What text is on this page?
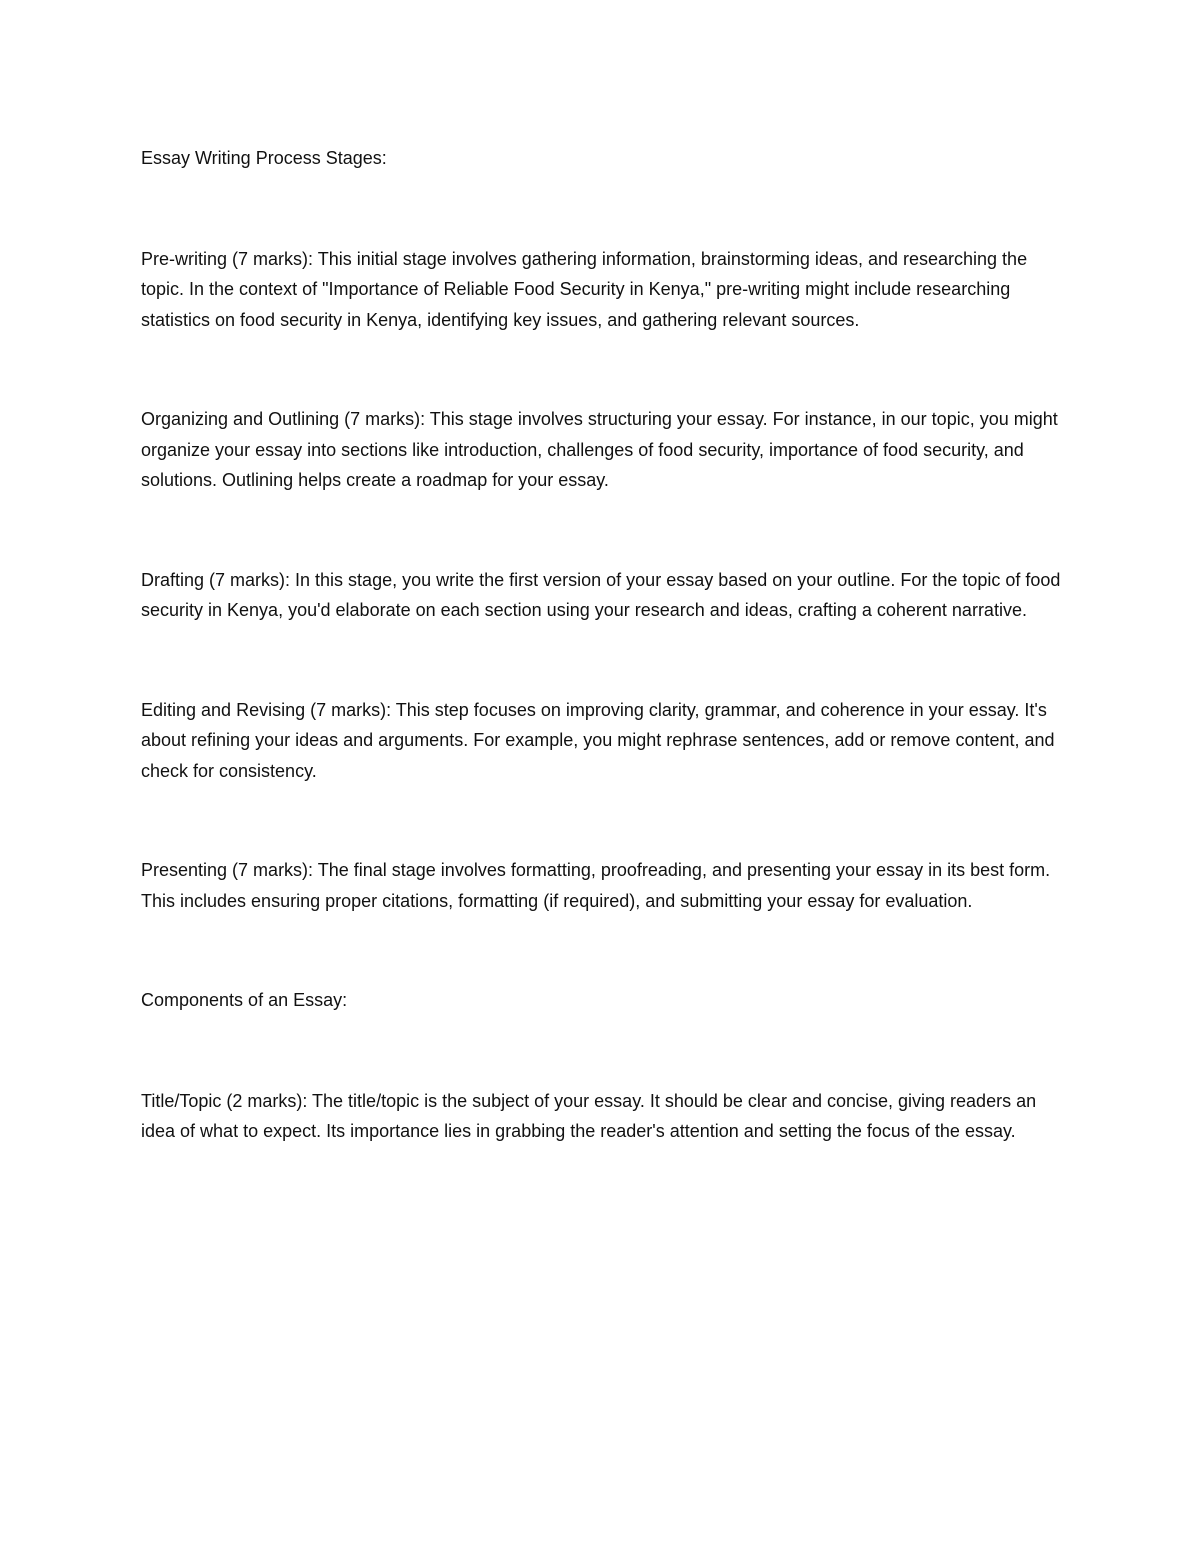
Essay Writing Process Stages:

Pre-writing (7 marks): This initial stage involves gathering information, brainstorming ideas, and researching the topic. In the context of "Importance of Reliable Food Security in Kenya," pre-writing might include researching statistics on food security in Kenya, identifying key issues, and gathering relevant sources.

Organizing and Outlining (7 marks): This stage involves structuring your essay. For instance, in our topic, you might organize your essay into sections like introduction, challenges of food security, importance of food security, and solutions. Outlining helps create a roadmap for your essay.

Drafting (7 marks): In this stage, you write the first version of your essay based on your outline. For the topic of food security in Kenya, you'd elaborate on each section using your research and ideas, crafting a coherent narrative.

Editing and Revising (7 marks): This step focuses on improving clarity, grammar, and coherence in your essay. It's about refining your ideas and arguments. For example, you might rephrase sentences, add or remove content, and check for consistency.

Presenting (7 marks): The final stage involves formatting, proofreading, and presenting your essay in its best form. This includes ensuring proper citations, formatting (if required), and submitting your essay for evaluation.

Components of an Essay:

Title/Topic (2 marks): The title/topic is the subject of your essay. It should be clear and concise, giving readers an idea of what to expect. Its importance lies in grabbing the reader's attention and setting the focus of the essay.
